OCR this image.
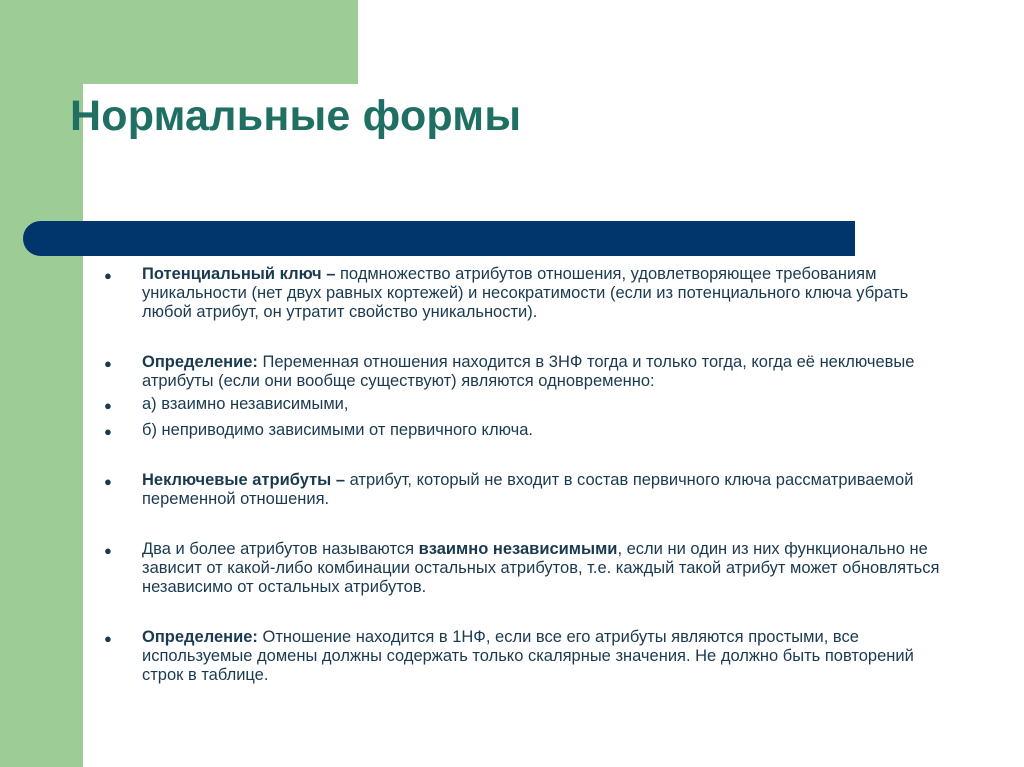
Нормальные формы
●	Потенциальный ключ – подмножество атрибутов отношения, удовлетворяющее требованиям уникальности (нет двух равных кортежей) и несократимости (если из потенциального ключа убрать любой атрибут, он утратит свойство уникальности).
●	Определение: Переменная отношения находится в 3НФ тогда и только тогда, когда её неключевые атрибуты (если они вообще существуют) являются одновременно:
●	а) взаимно независимыми,
●	б) неприводимо зависимыми от первичного ключа.
●	Неключевые атрибуты – атрибут, который не входит в состав первичного ключа рассматриваемой переменной отношения.
●	Два и более атрибутов называются взаимно независимыми, если ни один из них функционально не зависит от какой-либо комбинации остальных атрибутов, т.е. каждый такой атрибут может обновляться независимо от остальных атрибутов.
●	Определение: Отношение находится в 1НФ, если все его атрибуты являются простыми, все используемые домены должны содержать только скалярные значения. Не должно быть повторений строк в таблице.
